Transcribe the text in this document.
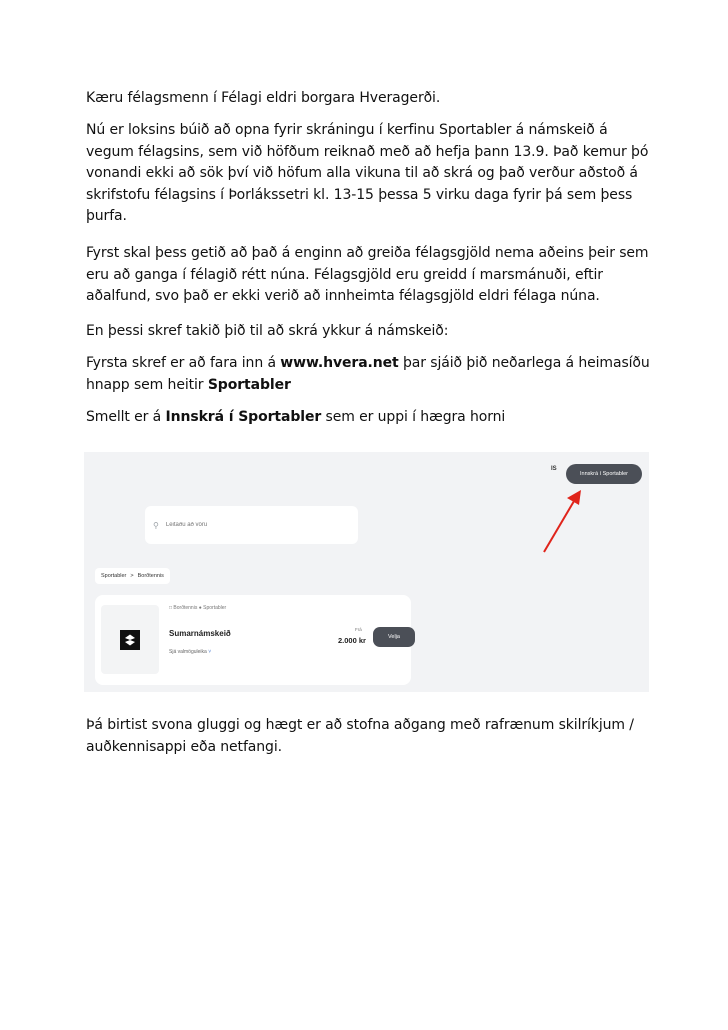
Kæru félagsmenn í Félagi eldri borgara Hveragerði.

Nú er loksins búið að opna fyrir skráningu í kerfinu Sportabler á námskeið á vegum félagsins, sem við höfðum reiknað með að hefja þann 13.9. Það kemur þó vonandi ekki að sök því við höfum alla vikuna til að skrá og það verður aðstoð á skrifstofu félagsins í Þorlákssetri kl. 13-15 þessa 5 virku daga fyrir þá sem þess þurfa.

Fyrst skal þess getið að það á enginn að greiða félagsgjöld nema aðeins þeir sem eru að ganga í félagið rétt núna. Félagsgjöld eru greidd í marsmánuði, eftir aðalfund, svo það er ekki verið að innheimta félagsgjöld eldri félaga núna.

En þessi skref takið þið til að skrá ykkur á námskeið:

Fyrsta skref er að fara inn á www.hvera.net þar sjáið þið neðarlega á heimasíðu hnapp sem heitir Sportabler

Smellt er á Innskrá í Sportabler sem er uppi í hægra horni

IS
Innskrá í Sportabler
⚲
Leitaðu að vöru
Sportabler > Borðtennis
□ Borðtennis ● Sportabler
Sumarnámskeið
Sjá valmöguleika ˅
Frá
2.000 kr	Velja

Þá birtist svona gluggi og hægt er að stofna aðgang með rafrænum skilríkjum / auðkennisappi eða netfangi.
